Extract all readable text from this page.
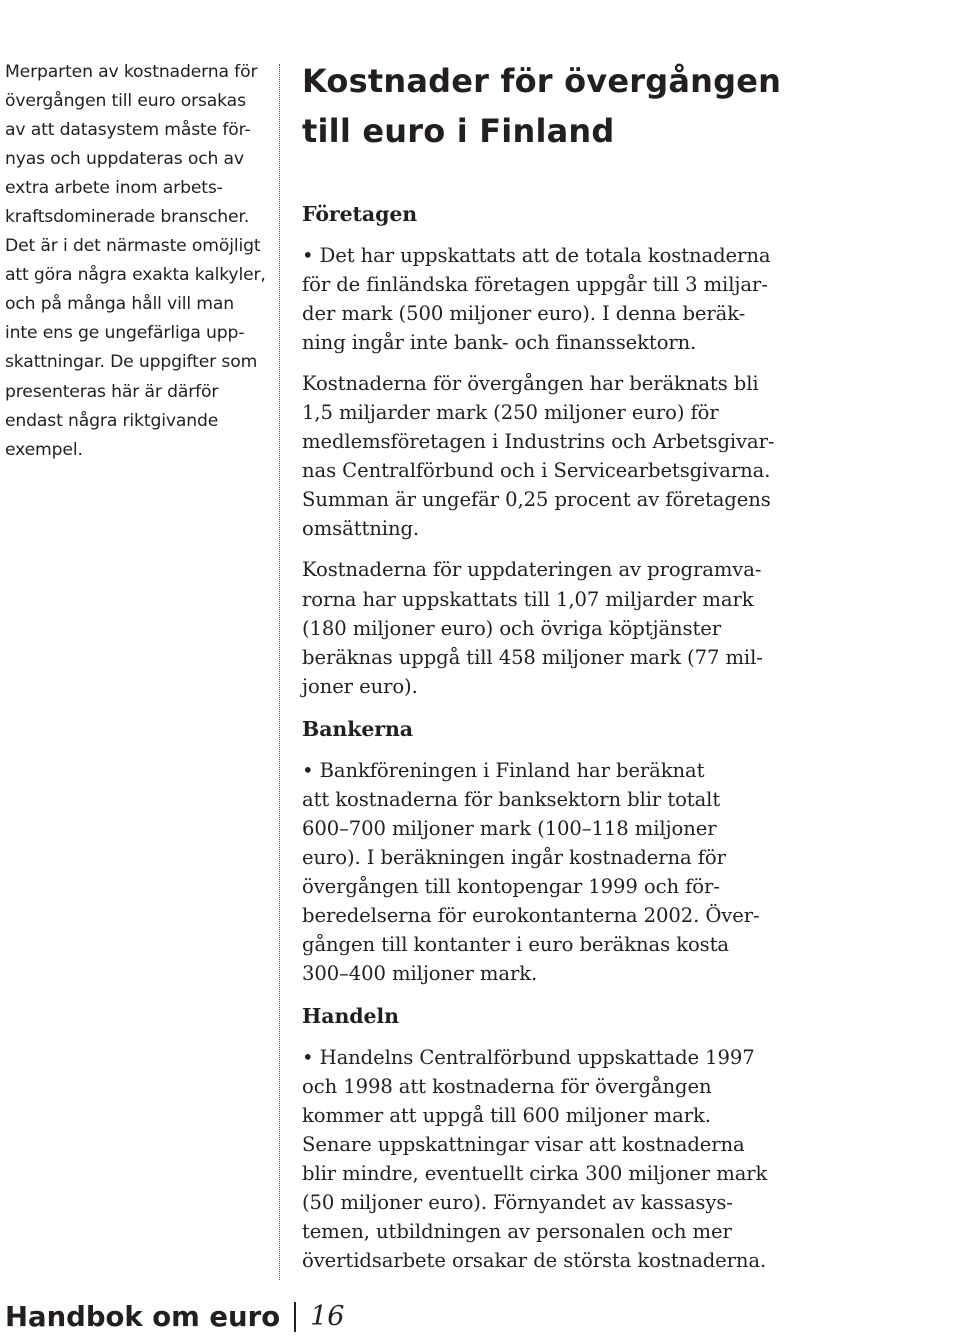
Merparten av kostnaderna för
övergången till euro orsakas
av att datasystem måste för-
nyas och uppdateras och av
extra arbete inom arbets-
kraftsdominerade branscher.
Det är i det närmaste omöjligt
att göra några exakta kalkyler,
och på många håll vill man
inte ens ge ungefärliga upp-
skattningar. De uppgifter som
presenteras här är därför
endast några riktgivande
exempel.
Kostnader för övergången
till euro i Finland
Företagen
• Det har uppskattats att de totala kostnaderna
för de finländska företagen uppgår till 3 miljar-
der mark (500 miljoner euro). I denna beräk-
ning ingår inte bank- och finanssektorn.
Kostnaderna för övergången har beräknats bli
1,5 miljarder mark (250 miljoner euro) för
medlemsföretagen i Industrins och Arbetsgivar-
nas Centralförbund och i Servicearbetsgivarna.
Summan är ungefär 0,25 procent av företagens
omsättning.
Kostnaderna för uppdateringen av programva-
rorna har uppskattats till 1,07 miljarder mark
(180 miljoner euro) och övriga köptjänster
beräknas uppgå till 458 miljoner mark (77 mil-
joner euro).
Bankerna
• Bankföreningen i Finland har beräknat
att kostnaderna för banksektorn blir totalt
600–700 miljoner mark (100–118 miljoner
euro). I beräkningen ingår kostnaderna för
övergången till kontopengar 1999 och för-
beredelserna för eurokontanterna 2002. Över-
gången till kontanter i euro beräknas kosta
300–400 miljoner mark.
Handeln
• Handelns Centralförbund uppskattade 1997
och 1998 att kostnaderna för övergången
kommer att uppgå till 600 miljoner mark.
Senare uppskattningar visar att kostnaderna
blir mindre, eventuellt cirka 300 miljoner mark
(50 miljoner euro). Förnyandet av kassasys-
temen, utbildningen av personalen och mer
övertidsarbete orsakar de största kostnaderna.
Handbok om euro 16
